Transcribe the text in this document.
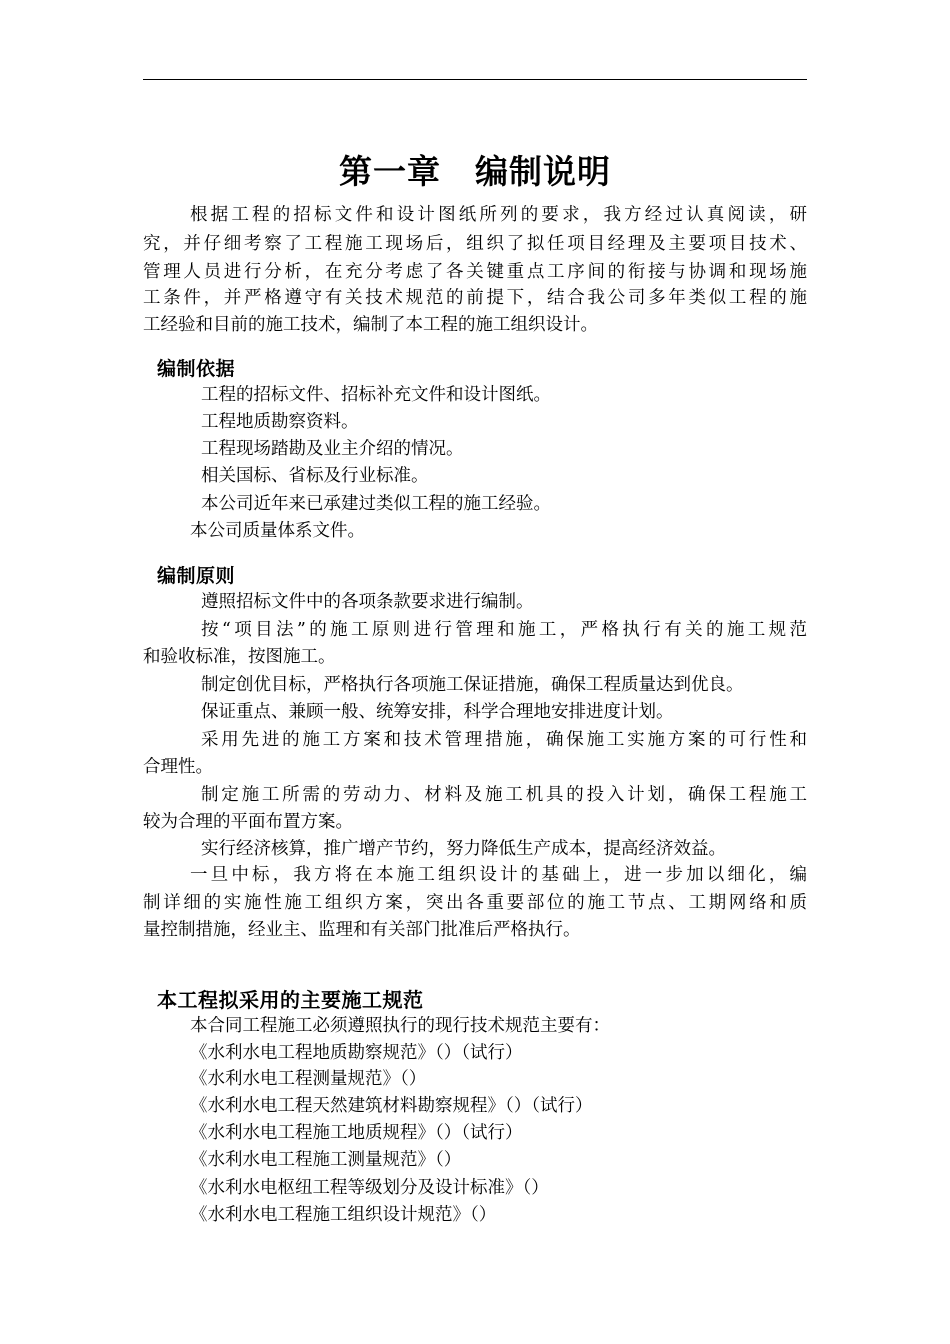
第一章　编制说明
根据工程的招标文件和设计图纸所列的要求，我方经过认真阅读，研
究，并仔细考察了工程施工现场后，组织了拟任项目经理及主要项目技术、
管理人员进行分析，在充分考虑了各关键重点工序间的衔接与协调和现场施
工条件，并严格遵守有关技术规范的前提下，结合我公司多年类似工程的施
工经验和目前的施工技术，编制了本工程的施工组织设计。
编制依据
工程的招标文件、招标补充文件和设计图纸。
工程地质勘察资料。
工程现场踏勘及业主介绍的情况。
相关国标、省标及行业标准。
本公司近年来已承建过类似工程的施工经验。
本公司质量体系文件。
编制原则
遵照招标文件中的各项条款要求进行编制。
按“项目法”的施工原则进行管理和施工，严格执行有关的施工规范
和验收标准，按图施工。
制定创优目标，严格执行各项施工保证措施，确保工程质量达到优良。
保证重点、兼顾一般、统筹安排，科学合理地安排进度计划。
采用先进的施工方案和技术管理措施，确保施工实施方案的可行性和
合理性。
制定施工所需的劳动力、材料及施工机具的投入计划，确保工程施工
较为合理的平面布置方案。
实行经济核算，推广增产节约，努力降低生产成本，提高经济效益。
一旦中标，我方将在本施工组织设计的基础上，进一步加以细化，编
制详细的实施性施工组织方案，突出各重要部位的施工节点、工期网络和质
量控制措施，经业主、监理和有关部门批准后严格执行。
本工程拟采用的主要施工规范
本合同工程施工必须遵照执行的现行技术规范主要有：
《水利水电工程地质勘察规范》（）（试行）
《水利水电工程测量规范》（）
《水利水电工程天然建筑材料勘察规程》（）（试行）
《水利水电工程施工地质规程》（）（试行）
《水利水电工程施工测量规范》（）
《水利水电枢纽工程等级划分及设计标准》（）
《水利水电工程施工组织设计规范》（）
